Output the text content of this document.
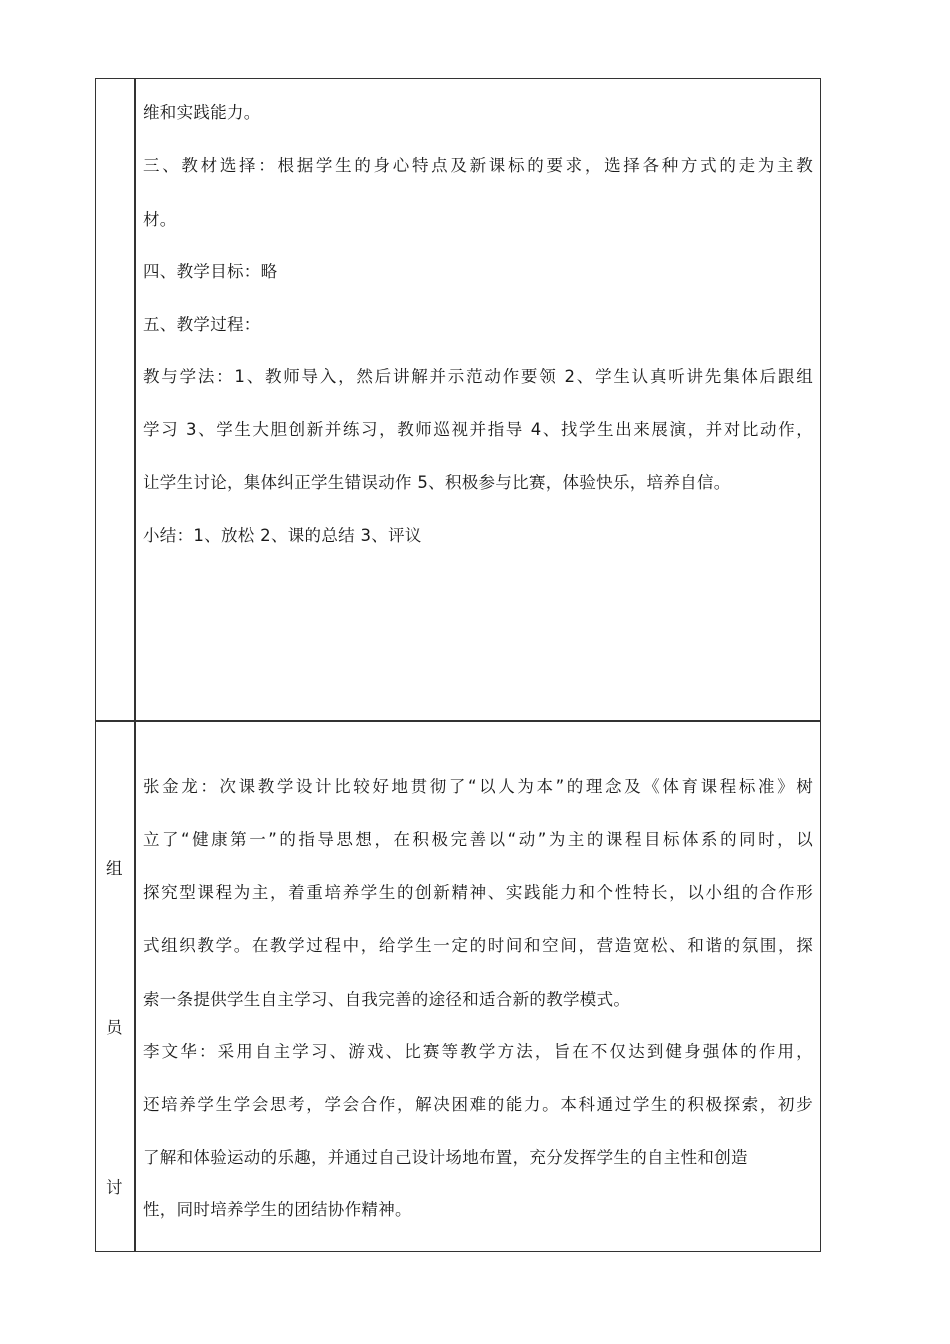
维和实践能力。
三、教材选择：根据学生的身心特点及新课标的要求，选择各种方式的走为主教
材。
四、教学目标：略
五、教学过程：
教与学法：1、教师导入，然后讲解并示范动作要领 2、学生认真听讲先集体后跟组
学习 3、学生大胆创新并练习，教师巡视并指导 4、找学生出来展演，并对比动作，
让学生讨论，集体纠正学生错误动作 5、积极参与比赛，体验快乐，培养自信。
小结：1、放松 2、课的总结 3、评议
组
员
讨
张金龙：次课教学设计比较好地贯彻了“以人为本”的理念及《体育课程标准》树
立了“健康第一”的指导思想，在积极完善以“动”为主的课程目标体系的同时，以
探究型课程为主，着重培养学生的创新精神、实践能力和个性特长，以小组的合作形
式组织教学。在教学过程中，给学生一定的时间和空间，营造宽松、和谐的氛围，探
索一条提供学生自主学习、自我完善的途径和适合新的教学模式。
李文华：采用自主学习、游戏、比赛等教学方法，旨在不仅达到健身强体的作用，
还培养学生学会思考，学会合作，解决困难的能力。本科通过学生的积极探索，初步
了解和体验运动的乐趣，并通过自己设计场地布置，充分发挥学生的自主性和创造
性，同时培养学生的团结协作精神。
